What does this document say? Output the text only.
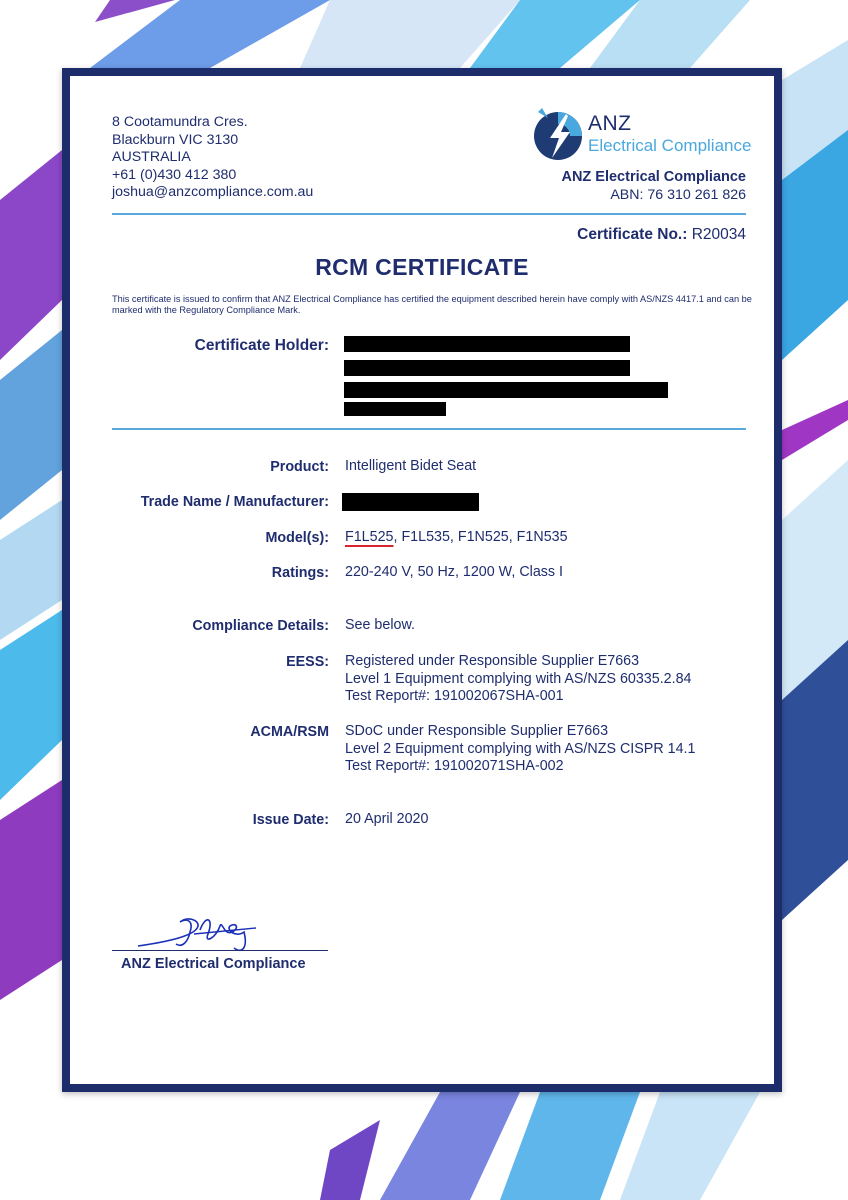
8 Cootamundra Cres.
Blackburn VIC 3130
AUSTRALIA
+61 (0)430 412 380
joshua@anzcompliance.com.au
ANZ
Electrical Compliance
ANZ Electrical Compliance
ABN: 76 310 261 826
Certificate No.: R20034
RCM CERTIFICATE
This certificate is issued to confirm that ANZ Electrical Compliance has certified the equipment described herein have comply with AS/NZS 4417.1 and can be marked with the Regulatory Compliance Mark.
Certificate Holder:
Product: Intelligent Bidet Seat
Trade Name / Manufacturer:
Model(s): F1L525, F1L535, F1N525, F1N535
Ratings: 220-240 V, 50 Hz, 1200 W, Class I
Compliance Details: See below.
EESS: Registered under Responsible Supplier E7663
Level 1 Equipment complying with AS/NZS 60335.2.84
Test Report#: 191002067SHA-001
ACMA/RSM SDoC under Responsible Supplier E7663
Level 2 Equipment complying with AS/NZS CISPR 14.1
Test Report#: 191002071SHA-002
Issue Date: 20 April 2020
ANZ Electrical Compliance
